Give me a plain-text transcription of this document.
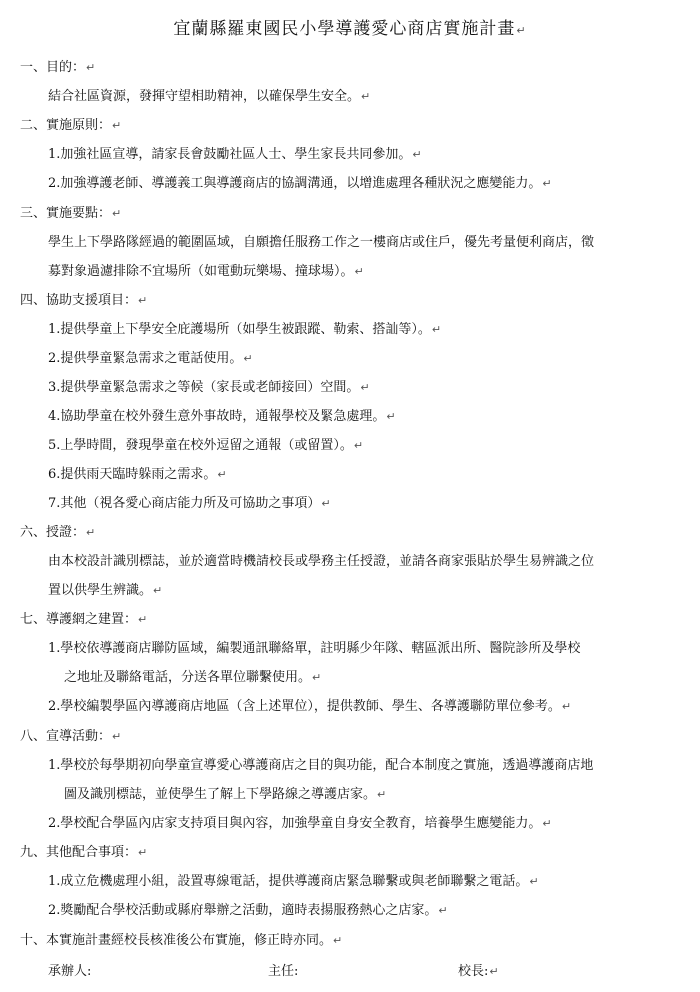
宜蘭縣羅東國民小學導護愛心商店實施計畫↵
一、目的：↵
結合社區資源，發揮守望相助精神，以確保學生安全。↵
二、實施原則：↵
1.加強社區宣導，請家長會鼓勵社區人士、學生家長共同參加。↵
2.加強導護老師、導護義工與導護商店的協調溝通，以增進處理各種狀況之應變能力。↵
三、實施要點：↵
學生上下學路隊經過的範圍區域，自願擔任服務工作之一樓商店或住戶，優先考量便利商店，徵
募對象過濾排除不宜場所（如電動玩樂場、撞球場）。↵
四、協助支援項目：↵
1.提供學童上下學安全庇護場所（如學生被跟蹤、勒索、搭訕等）。↵
2.提供學童緊急需求之電話使用。↵
3.提供學童緊急需求之等候（家長或老師接回）空間。↵
4.協助學童在校外發生意外事故時，通報學校及緊急處理。↵
5.上學時間，發現學童在校外逗留之通報（或留置）。↵
6.提供雨天臨時躲雨之需求。↵
7.其他（視各愛心商店能力所及可協助之事項）↵
六、授證：↵
由本校設計識別標誌，並於適當時機請校長或學務主任授證，並請各商家張貼於學生易辨識之位
置以供學生辨識。↵
七、導護網之建置：↵
1.學校依導護商店聯防區域，編製通訊聯絡單，註明縣少年隊、轄區派出所、醫院診所及學校
之地址及聯絡電話，分送各單位聯繫使用。↵
2.學校編製學區內導護商店地區（含上述單位），提供教師、學生、各導護聯防單位參考。↵
八、宣導活動：↵
1.學校於每學期初向學童宣導愛心導護商店之目的與功能，配合本制度之實施，透過導護商店地
圖及識別標誌，並使學生了解上下學路線之導護店家。↵
2.學校配合學區內店家支持項目與內容，加強學童自身安全教育，培養學生應變能力。↵
九、其他配合事項：↵
1.成立危機處理小組，設置專線電話，提供導護商店緊急聯繫或與老師聯繫之電話。↵
2.獎勵配合學校活動或縣府舉辦之活動，適時表揚服務熱心之店家。↵
十、本實施計畫經校長核准後公布實施，修正時亦同。↵
承辦人:	主任:	校長:↵
